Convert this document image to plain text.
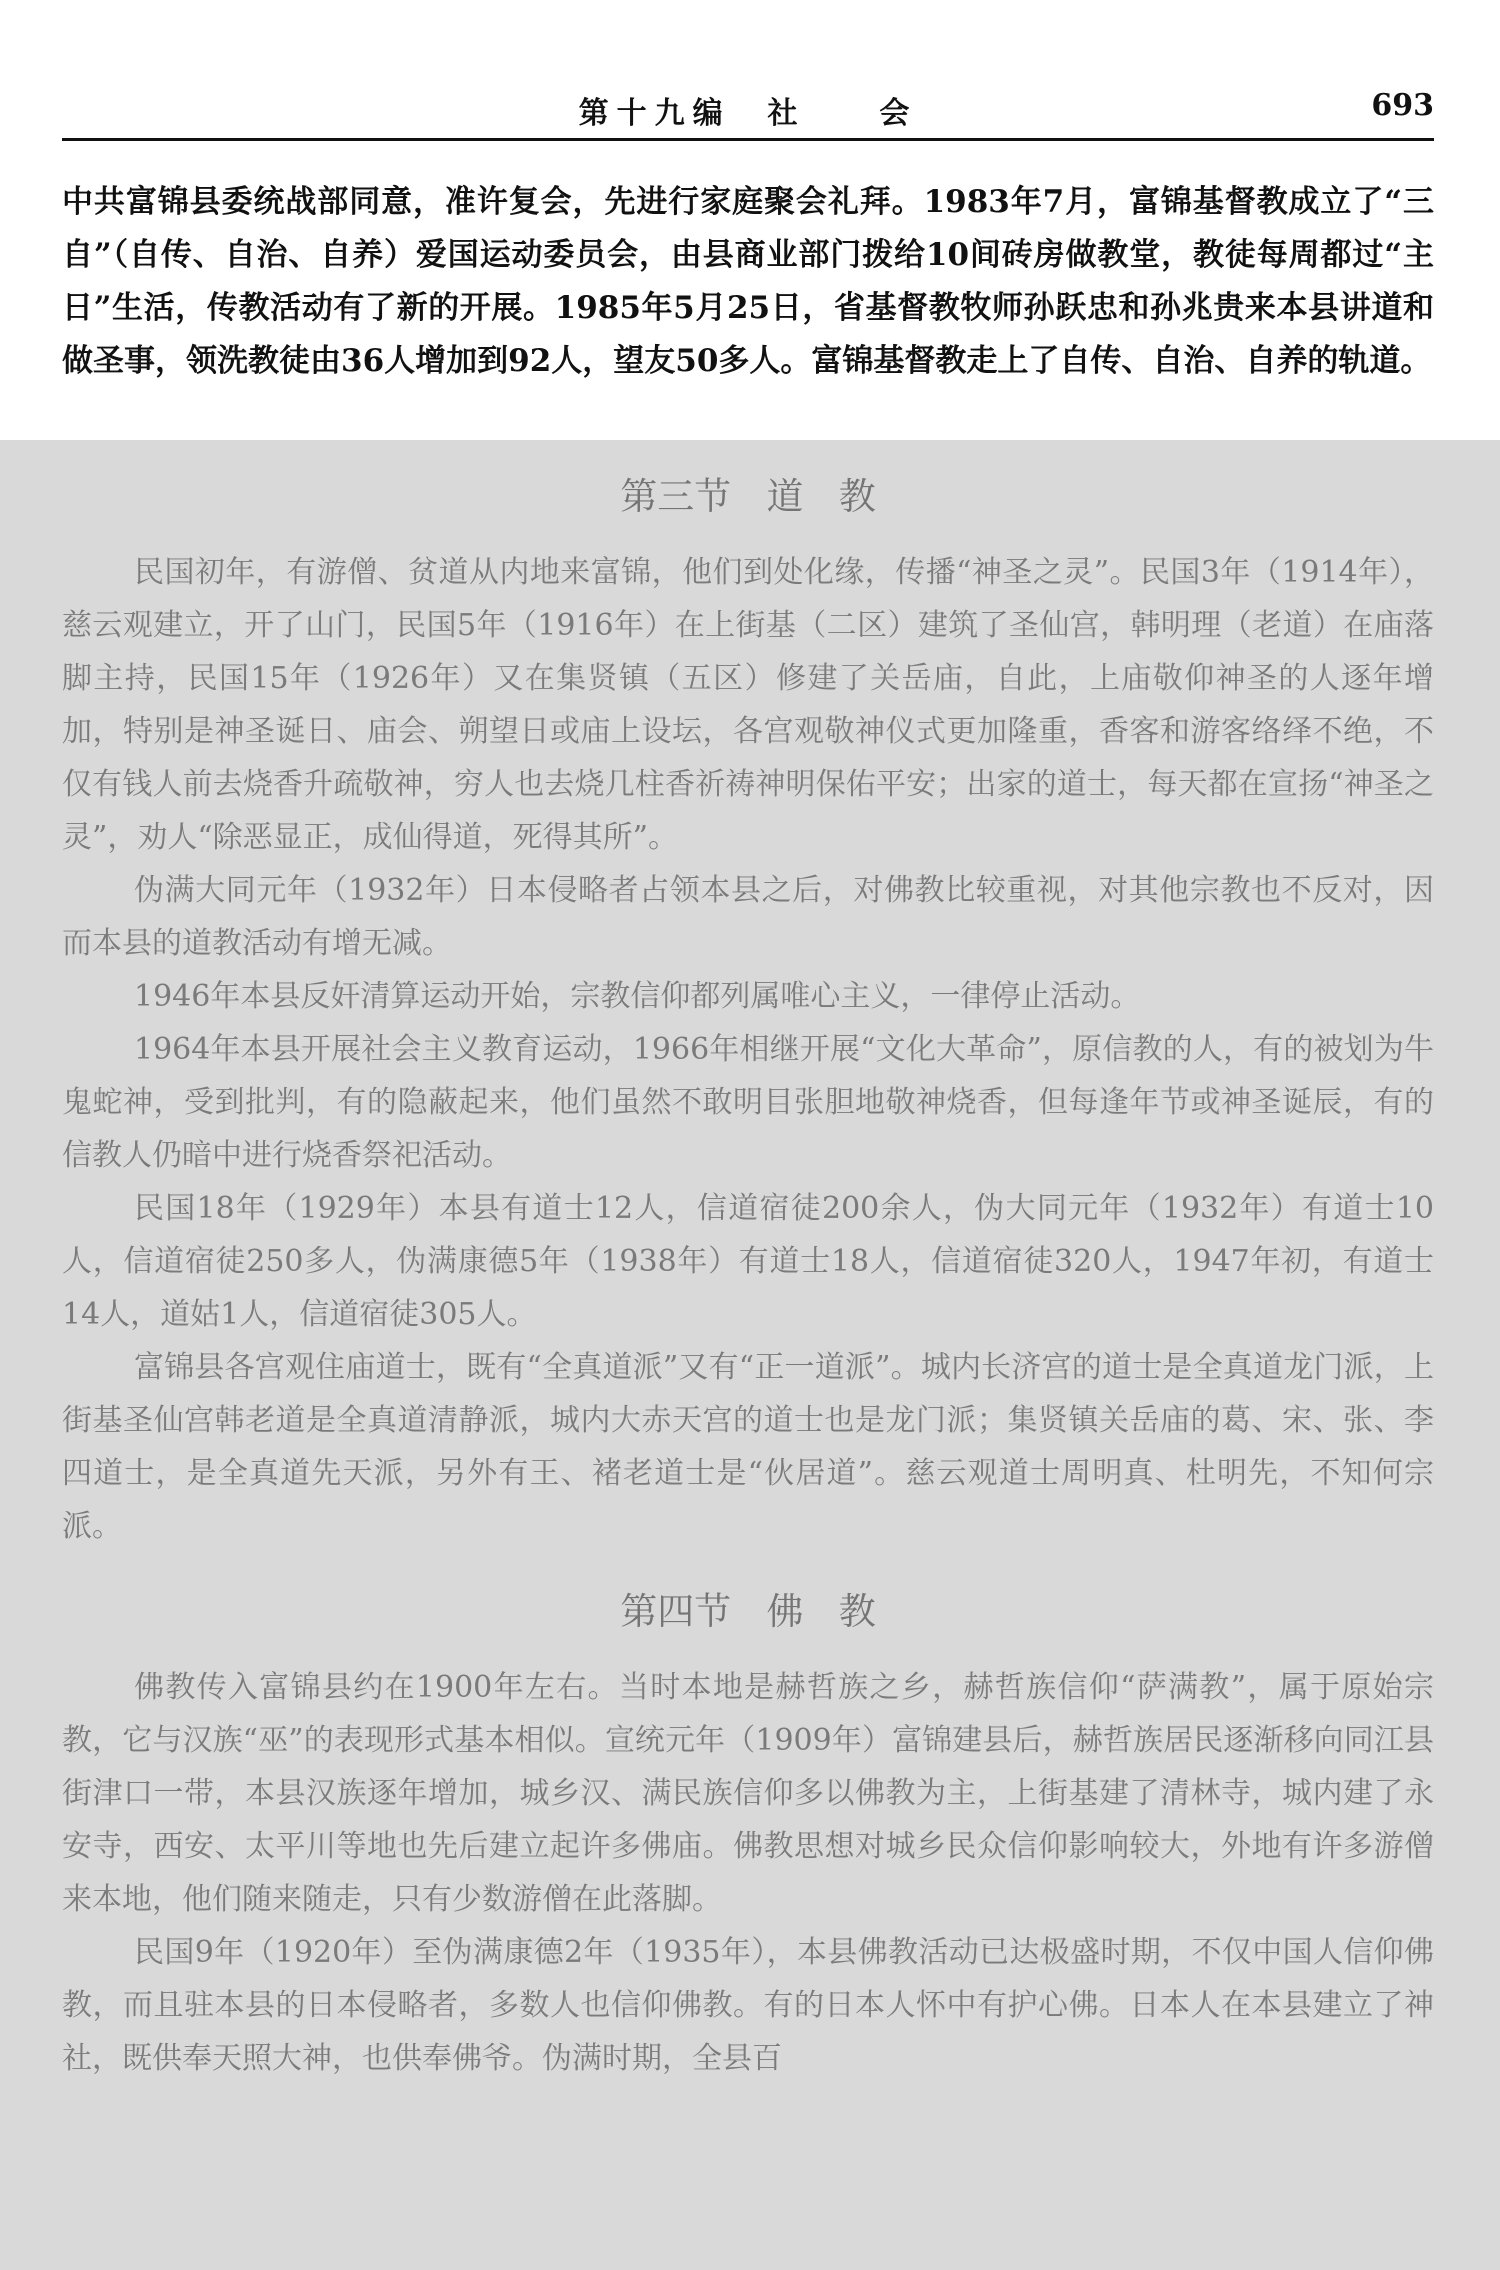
第十九编  社    会	693

中共富锦县委统战部同意，准许复会，先进行家庭聚会礼拜。1983年7月，富锦基督教成立了“三自”（自传、自治、自养）爱国运动委员会，由县商业部门拨给10间砖房做教堂，教徒每周都过“主日”生活，传教活动有了新的开展。1985年5月25日，省基督教牧师孙跃忠和孙兆贵来本县讲道和做圣事，领洗教徒由36人增加到92人，望友50多人。富锦基督教走上了自传、自治、自养的轨道。

第三节   道   教

民国初年，有游僧、贫道从内地来富锦，他们到处化缘，传播“神圣之灵”。民国3年（1914年），慈云观建立，开了山门，民国5年（1916年）在上街基（二区）建筑了圣仙宫，韩明理（老道）在庙落脚主持，民国15年（1926年）又在集贤镇（五区）修建了关岳庙，自此，上庙敬仰神圣的人逐年增加，特别是神圣诞日、庙会、朔望日或庙上设坛，各宫观敬神仪式更加隆重，香客和游客络绎不绝，不仅有钱人前去烧香升疏敬神，穷人也去烧几柱香祈祷神明保佑平安；出家的道士，每天都在宣扬“神圣之灵”，劝人“除恶显正，成仙得道，死得其所”。

伪满大同元年（1932年）日本侵略者占领本县之后，对佛教比较重视，对其他宗教也不反对，因而本县的道教活动有增无减。

1946年本县反奸清算运动开始，宗教信仰都列属唯心主义，一律停止活动。

1964年本县开展社会主义教育运动，1966年相继开展“文化大革命”，原信教的人，有的被划为牛鬼蛇神，受到批判，有的隐蔽起来，他们虽然不敢明目张胆地敬神烧香，但每逢年节或神圣诞辰，有的信教人仍暗中进行烧香祭祀活动。

民国18年（1929年）本县有道士12人，信道宿徒200余人，伪大同元年（1932年）有道士10人，信道宿徒250多人，伪满康德5年（1938年）有道士18人，信道宿徒320人，1947年初，有道士14人，道姑1人，信道宿徒305人。

富锦县各宫观住庙道士，既有“全真道派”又有“正一道派”。城内长济宫的道士是全真道龙门派，上街基圣仙宫韩老道是全真道清静派，城内大赤天宫的道士也是龙门派；集贤镇关岳庙的葛、宋、张、李四道士，是全真道先天派，另外有王、褚老道士是“伙居道”。慈云观道士周明真、杜明先，不知何宗派。

第四节   佛   教

佛教传入富锦县约在1900年左右。当时本地是赫哲族之乡，赫哲族信仰“萨满教”，属于原始宗教，它与汉族“巫”的表现形式基本相似。宣统元年（1909年）富锦建县后，赫哲族居民逐渐移向同江县街津口一带，本县汉族逐年增加，城乡汉、满民族信仰多以佛教为主，上街基建了清林寺，城内建了永安寺，西安、太平川等地也先后建立起许多佛庙。佛教思想对城乡民众信仰影响较大，外地有许多游僧来本地，他们随来随走，只有少数游僧在此落脚。

民国9年（1920年）至伪满康德2年（1935年），本县佛教活动已达极盛时期，不仅中国人信仰佛教，而且驻本县的日本侵略者，多数人也信仰佛教。有的日本人怀中有护心佛。日本人在本县建立了神社，既供奉天照大神，也供奉佛爷。伪满时期，全县百
